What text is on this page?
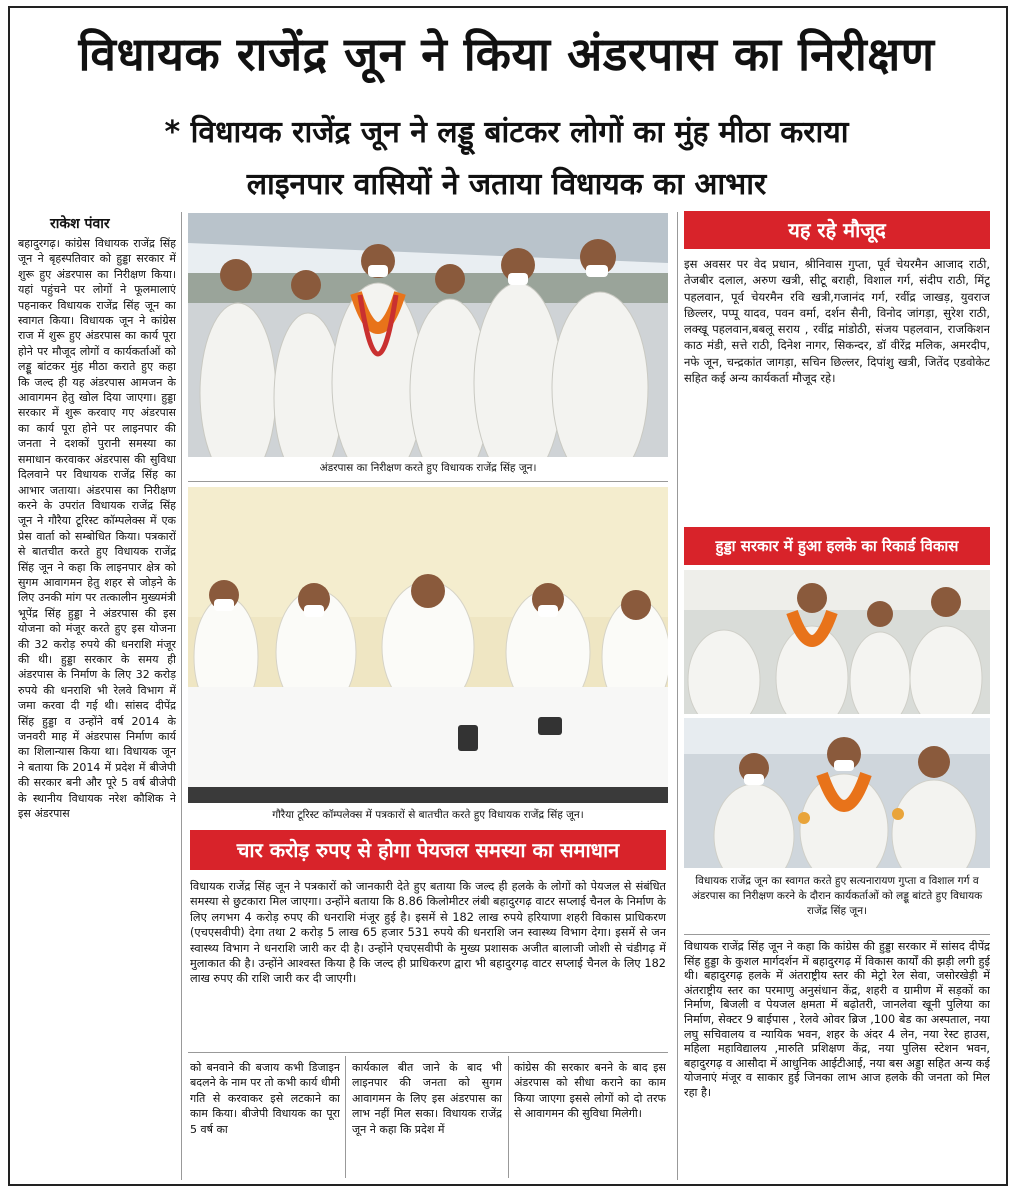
विधायक राजेंद्र जून ने किया अंडरपास का निरीक्षण
* विधायक राजेंद्र जून ने लड्डू बांटकर लोगों का मुंह मीठा कराया
लाइनपार वासियों ने जताया विधायक का आभार
राकेश पंवार
बहादुरगढ़। कांग्रेस विधायक राजेंद्र सिंह जून ने बृहस्पतिवार को हुड्डा सरकार में शुरू हुए अंडरपास का निरीक्षण किया। यहां पहुंचने पर लोगों ने फूलमालाएं पहनाकर विधायक राजेंद्र सिंह जून का स्वागत किया। विधायक जून ने कांग्रेस राज में शुरू हुए अंडरपास का कार्य पूरा होने पर मौजूद लोगों व कार्यकर्ताओं को लड्डू बांटकर मुंह मीठा कराते हुए कहा कि जल्द ही यह अंडरपास आमजन के आवागमन हेतु खोल दिया जाएगा। हुड्डा सरकार में शुरू करवाए गए अंडरपास का कार्य पूरा होने पर लाइनपार की जनता ने दशकों पुरानी समस्या का समाधान करवाकर अंडरपास की सुविधा दिलवाने पर विधायक राजेंद्र सिंह का आभार जताया। अंडरपास का निरीक्षण करने के उपरांत विधायक राजेंद्र सिंह जून ने गौरैया टूरिस्ट कॉम्पलेक्स में एक प्रेस वार्ता को सम्बोधित किया। पत्रकारों से बातचीत करते हुए विधायक राजेंद्र सिंह जून ने कहा कि लाइनपार क्षेत्र को सुगम आवागमन हेतु शहर से जोड़ने के लिए उनकी मांग पर तत्कालीन मुख्यमंत्री भूपेंद्र सिंह हुड्डा ने अंडरपास की इस योजना को मंजूर करते हुए इस योजना की 32 करोड़ रुपये की धनराशि मंजूर की थी। हुड्डा सरकार के समय ही अंडरपास के निर्माण के लिए 32 करोड़ रुपये की धनराशि भी रेलवे विभाग में जमा करवा दी गई थी। सांसद दीपेंद्र सिंह हुड्डा व उन्होंने वर्ष 2014 के जनवरी माह में अंडरपास निर्माण कार्य का शिलान्यास किया था। विधायक जून ने बताया कि 2014 में प्रदेश में बीजेपी की सरकार बनी और पूरे 5 वर्ष बीजेपी के स्थानीय विधायक नरेश कौशिक ने इस अंडरपास
अंडरपास का निरीक्षण करते हुए विधायक राजेंद्र सिंह जून।
गौरैया टूरिस्ट कॉम्पलेक्स में पत्रकारों से बातचीत करते हुए विधायक राजेंद्र सिंह जून।
चार करोड़ रुपए से होगा पेयजल समस्या का समाधान
विधायक राजेंद्र सिंह जून ने पत्रकारों को जानकारी देते हुए बताया कि जल्द ही हलके के लोगों को पेयजल से संबंधित समस्या से छुटकारा मिल जाएगा। उन्होंने बताया कि 8.86 किलोमीटर लंबी बहादुरगढ़ वाटर सप्लाई चैनल के निर्माण के लिए लगभग 4 करोड़ रुपए की धनराशि मंजूर हुई है। इसमें से 182 लाख रुपये हरियाणा शहरी विकास प्राधिकरण (एचएसवीपी) देगा तथा 2 करोड़ 5 लाख 65 हजार 531 रुपये की धनराशि जन स्वास्थ्य विभाग देगा। इसमें से जन स्वास्थ्य विभाग ने धनराशि जारी कर दी है। उन्होंने एचएसवीपी के मुख्य प्रशासक अजीत बालाजी जोशी से चंडीगढ़ में मुलाकात की है। उन्होंने आश्वस्त किया है कि जल्द ही प्राधिकरण द्वारा भी बहादुरगढ़ वाटर सप्लाई चैनल के लिए 182 लाख रुपए की राशि जारी कर दी जाएगी।
को बनवाने की बजाय कभी डिजाइन बदलने के नाम पर तो कभी कार्य धीमी गति से करवाकर इसे लटकाने का काम किया। बीजेपी विधायक का पूरा 5 वर्ष का
कार्यकाल बीत जाने के बाद भी लाइनपार की जनता को सुगम आवागमन के लिए इस अंडरपास का लाभ नहीं मिल सका। विधायक राजेंद्र जून ने कहा कि प्रदेश में
कांग्रेस की सरकार बनने के बाद इस अंडरपास को सीधा कराने का काम किया जाएगा इससे लोगों को दो तरफ से आवागमन की सुविधा मिलेगी।
यह रहे मौजूद
इस अवसर पर वेद प्रधान, श्रीनिवास गुप्ता, पूर्व चेयरमैन आजाद राठी, तेजबीर दलाल, अरुण खत्री, सीटू बराही, विशाल गर्ग, संदीप राठी, मिंटू पहलवान, पूर्व चेयरमैन रवि खत्री,गजानंद गर्ग, रवींद्र जाखड़, युवराज छिल्लर, पप्पू यादव, पवन वर्मा, दर्शन सैनी, विनोद जांगड़ा, सुरेश राठी, लक्खू पहलवान,बबलू सराय , रवींद्र मांडोठी, संजय पहलवान, राजकिशन काठ मंडी, सत्ते राठी, दिनेश नागर, सिकन्दर, डॉ वीरेंद्र मलिक, अमरदीप, नफे जून, चन्द्रकांत जागड़ा, सचिन छिल्लर, दिपांशु खत्री, जितेंद एडवोकेट सहित कई अन्य कार्यकर्ता मौजूद रहे।
हुड्डा सरकार में हुआ हलके का रिकार्ड विकास
विधायक राजेंद्र जून का स्वागत करते हुए सत्यनारायण गुप्ता व विशाल गर्ग व अंडरपास का निरीक्षण करने के दौरान कार्यकर्ताओं को लड्डू बांटते हुए विधायक राजेंद्र सिंह जून।
विधायक राजेंद्र सिंह जून ने कहा कि कांग्रेस की हुड्डा सरकार में सांसद दीपेंद्र सिंह हुड्डा के कुशल मार्गदर्शन में बहादुरगढ़ में विकास कार्यों की झड़ी लगी हुई थी। बहादुरगढ़ हलके में अंतराष्ट्रीय स्तर की मेट्रो रेल सेवा, जसोरखेड़ी में अंतराष्ट्रीय स्तर का परमाणु अनुसंधान केंद्र, शहरी व ग्रामीण में सड़कों का निर्माण, बिजली व पेयजल क्षमता में बढ़ोतरी, जानलेवा खूनी पुलिया का निर्माण, सेक्टर 9 बाईपास , रेलवे ओवर ब्रिज ,100 बेड का अस्पताल, नया लघु सचिवालय व न्यायिक भवन, शहर के अंदर 4 लेन, नया रेस्ट हाउस, महिला महाविद्यालय ,मारुति प्रशिक्षण केंद्र, नया पुलिस स्टेशन भवन, बहादुरगढ़ व आसौदा में आधुनिक आईटीआई, नया बस अड्डा सहित अन्य कई योजनाएं मंजूर व साकार हुई जिनका लाभ आज हलके की जनता को मिल रहा है।
